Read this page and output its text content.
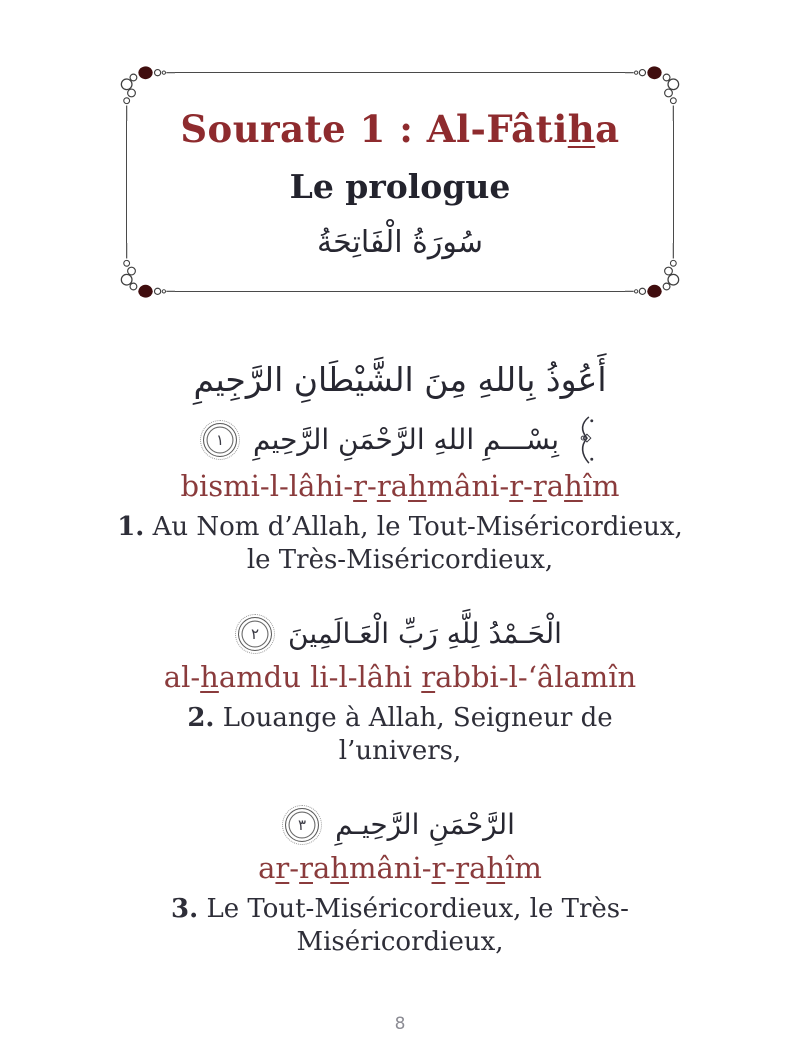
Sourate 1 : Al-Fâtiha
Le prologue
سُورَةُ الْفَاتِحَةُ
أَعُوذُ بِاللهِ مِنَ الشَّيْطَانِ الرَّجِيمِ
١ بِسْـــمِ اللهِ الرَّحْمَنِ الرَّحِيمِ
bismi-l-lâhi-r-rahmâni-r-rahîm

1. Au Nom d’Allah, le Tout-Miséricordieux,
le Très-Miséricordieux,

٢ الْحَـمْدُ لِلَّهِ رَبِّ الْعَـالَمِينَ
al-hamdu li-l-lâhi rabbi-l-‘âlamîn

2. Louange à Allah, Seigneur de
l’univers,

٣ الرَّحْمَنِ الرَّحِيـمِ
ar-rahmâni-r-rahîm

3. Le Tout-Miséricordieux, le Très-
Miséricordieux,

8
